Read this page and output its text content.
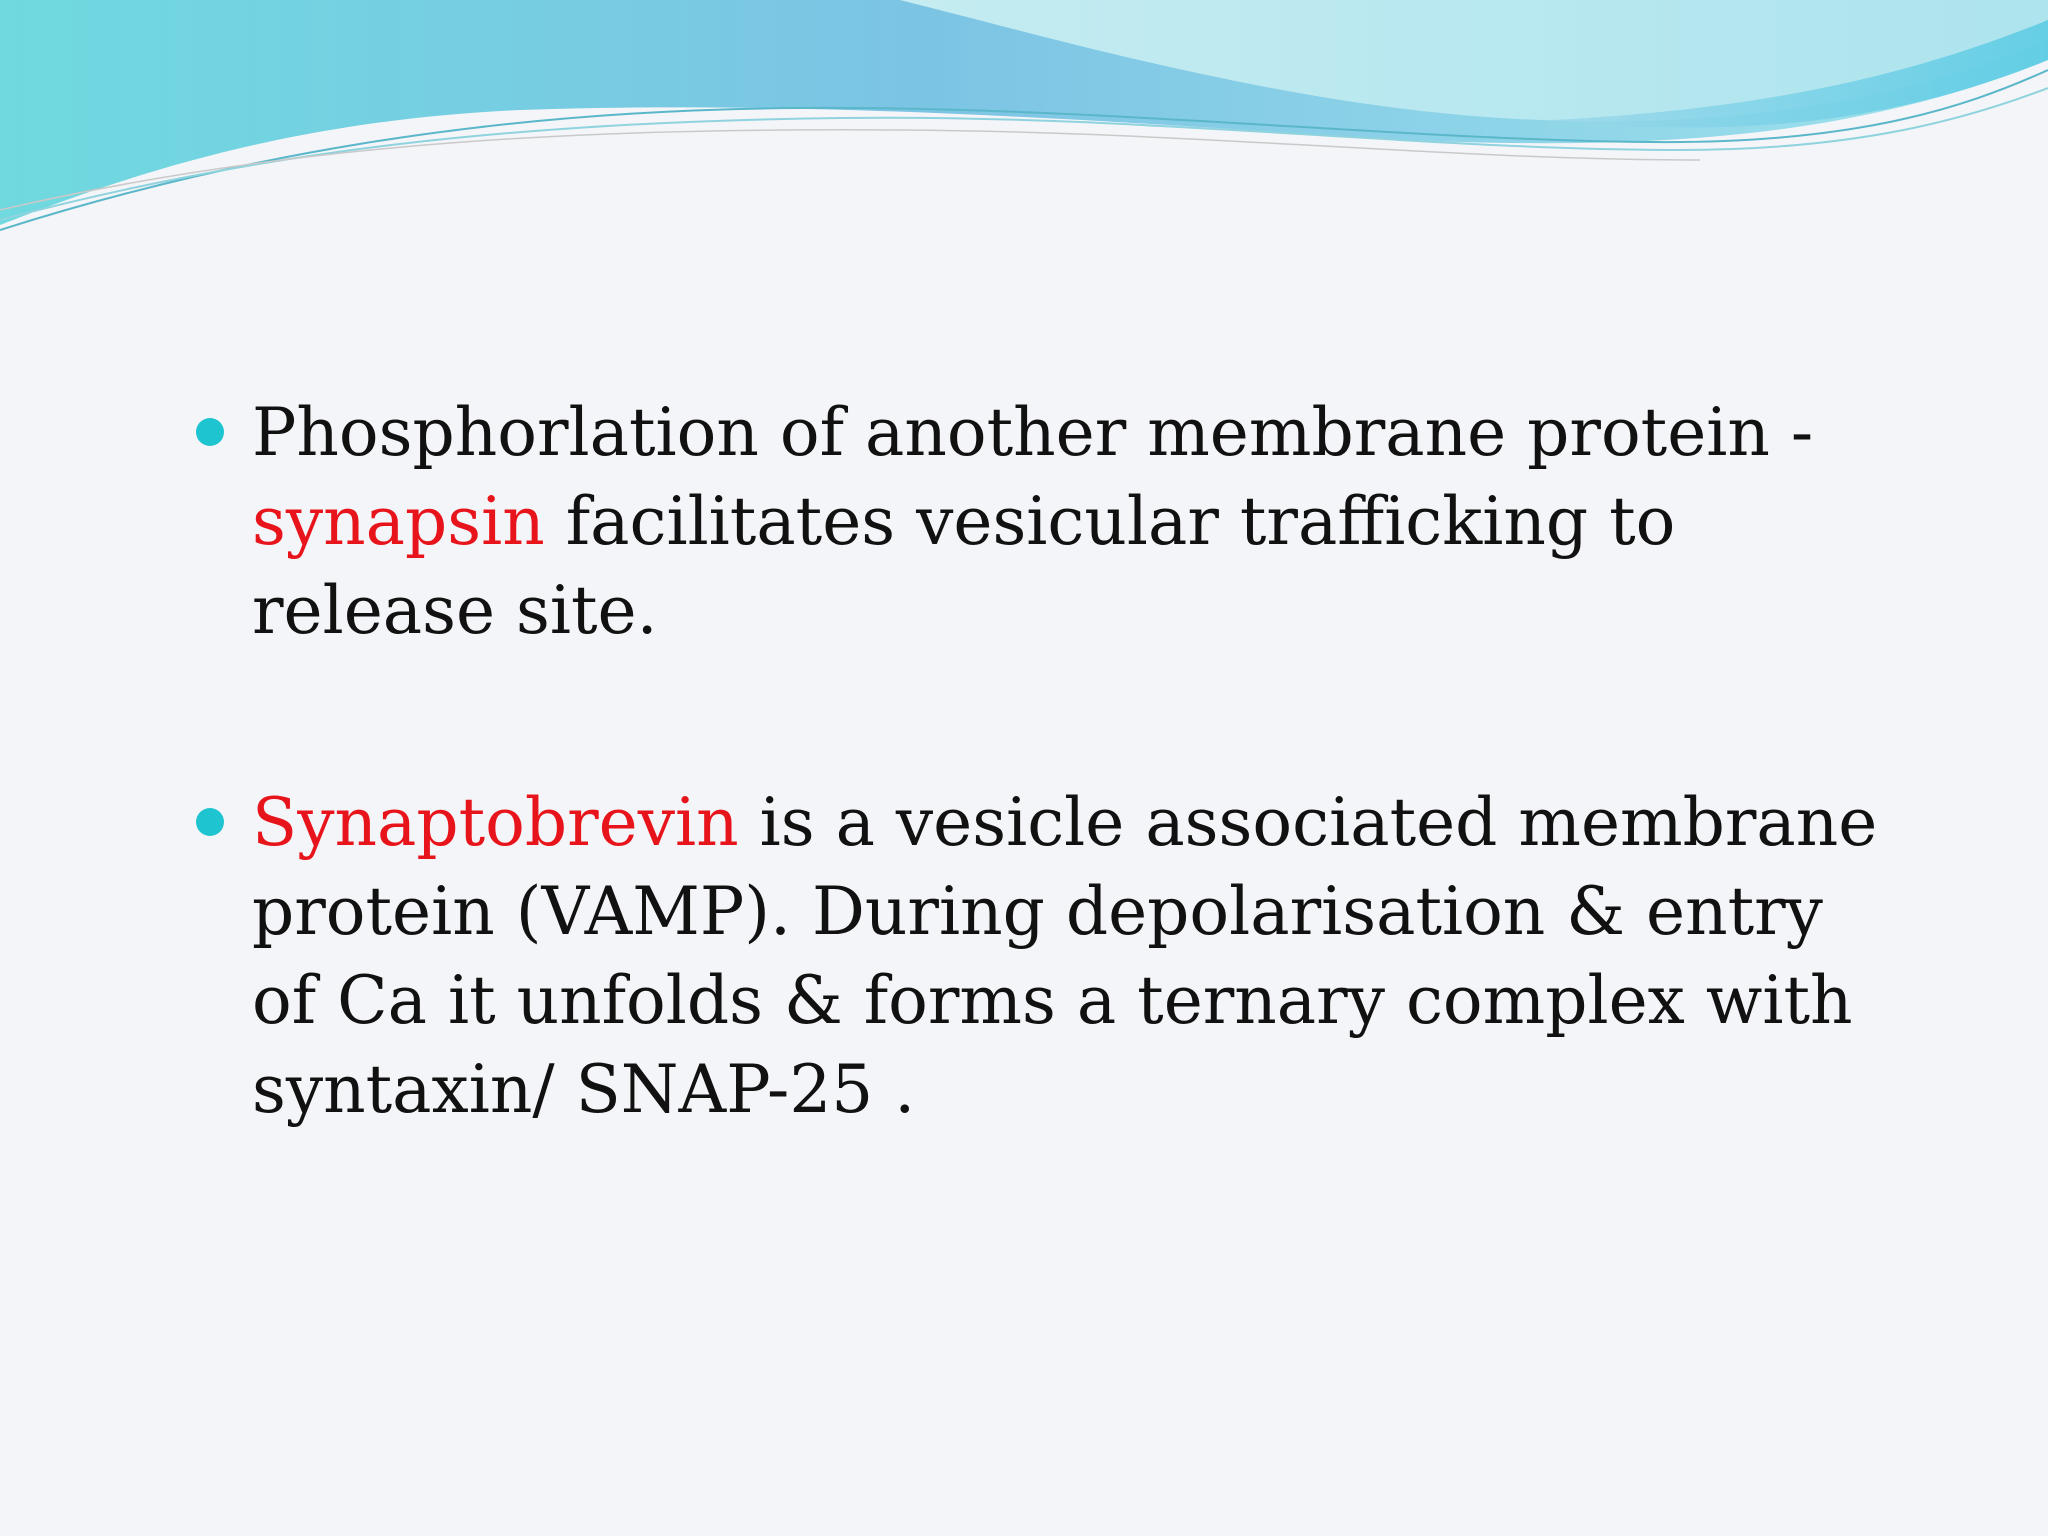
Phosphorlation of another membrane protein - synapsin facilitates vesicular trafficking to release site.
Synaptobrevin is a vesicle associated membrane protein (VAMP). During depolarisation & entry of Ca it unfolds & forms a ternary complex with syntaxin/ SNAP-25 .
